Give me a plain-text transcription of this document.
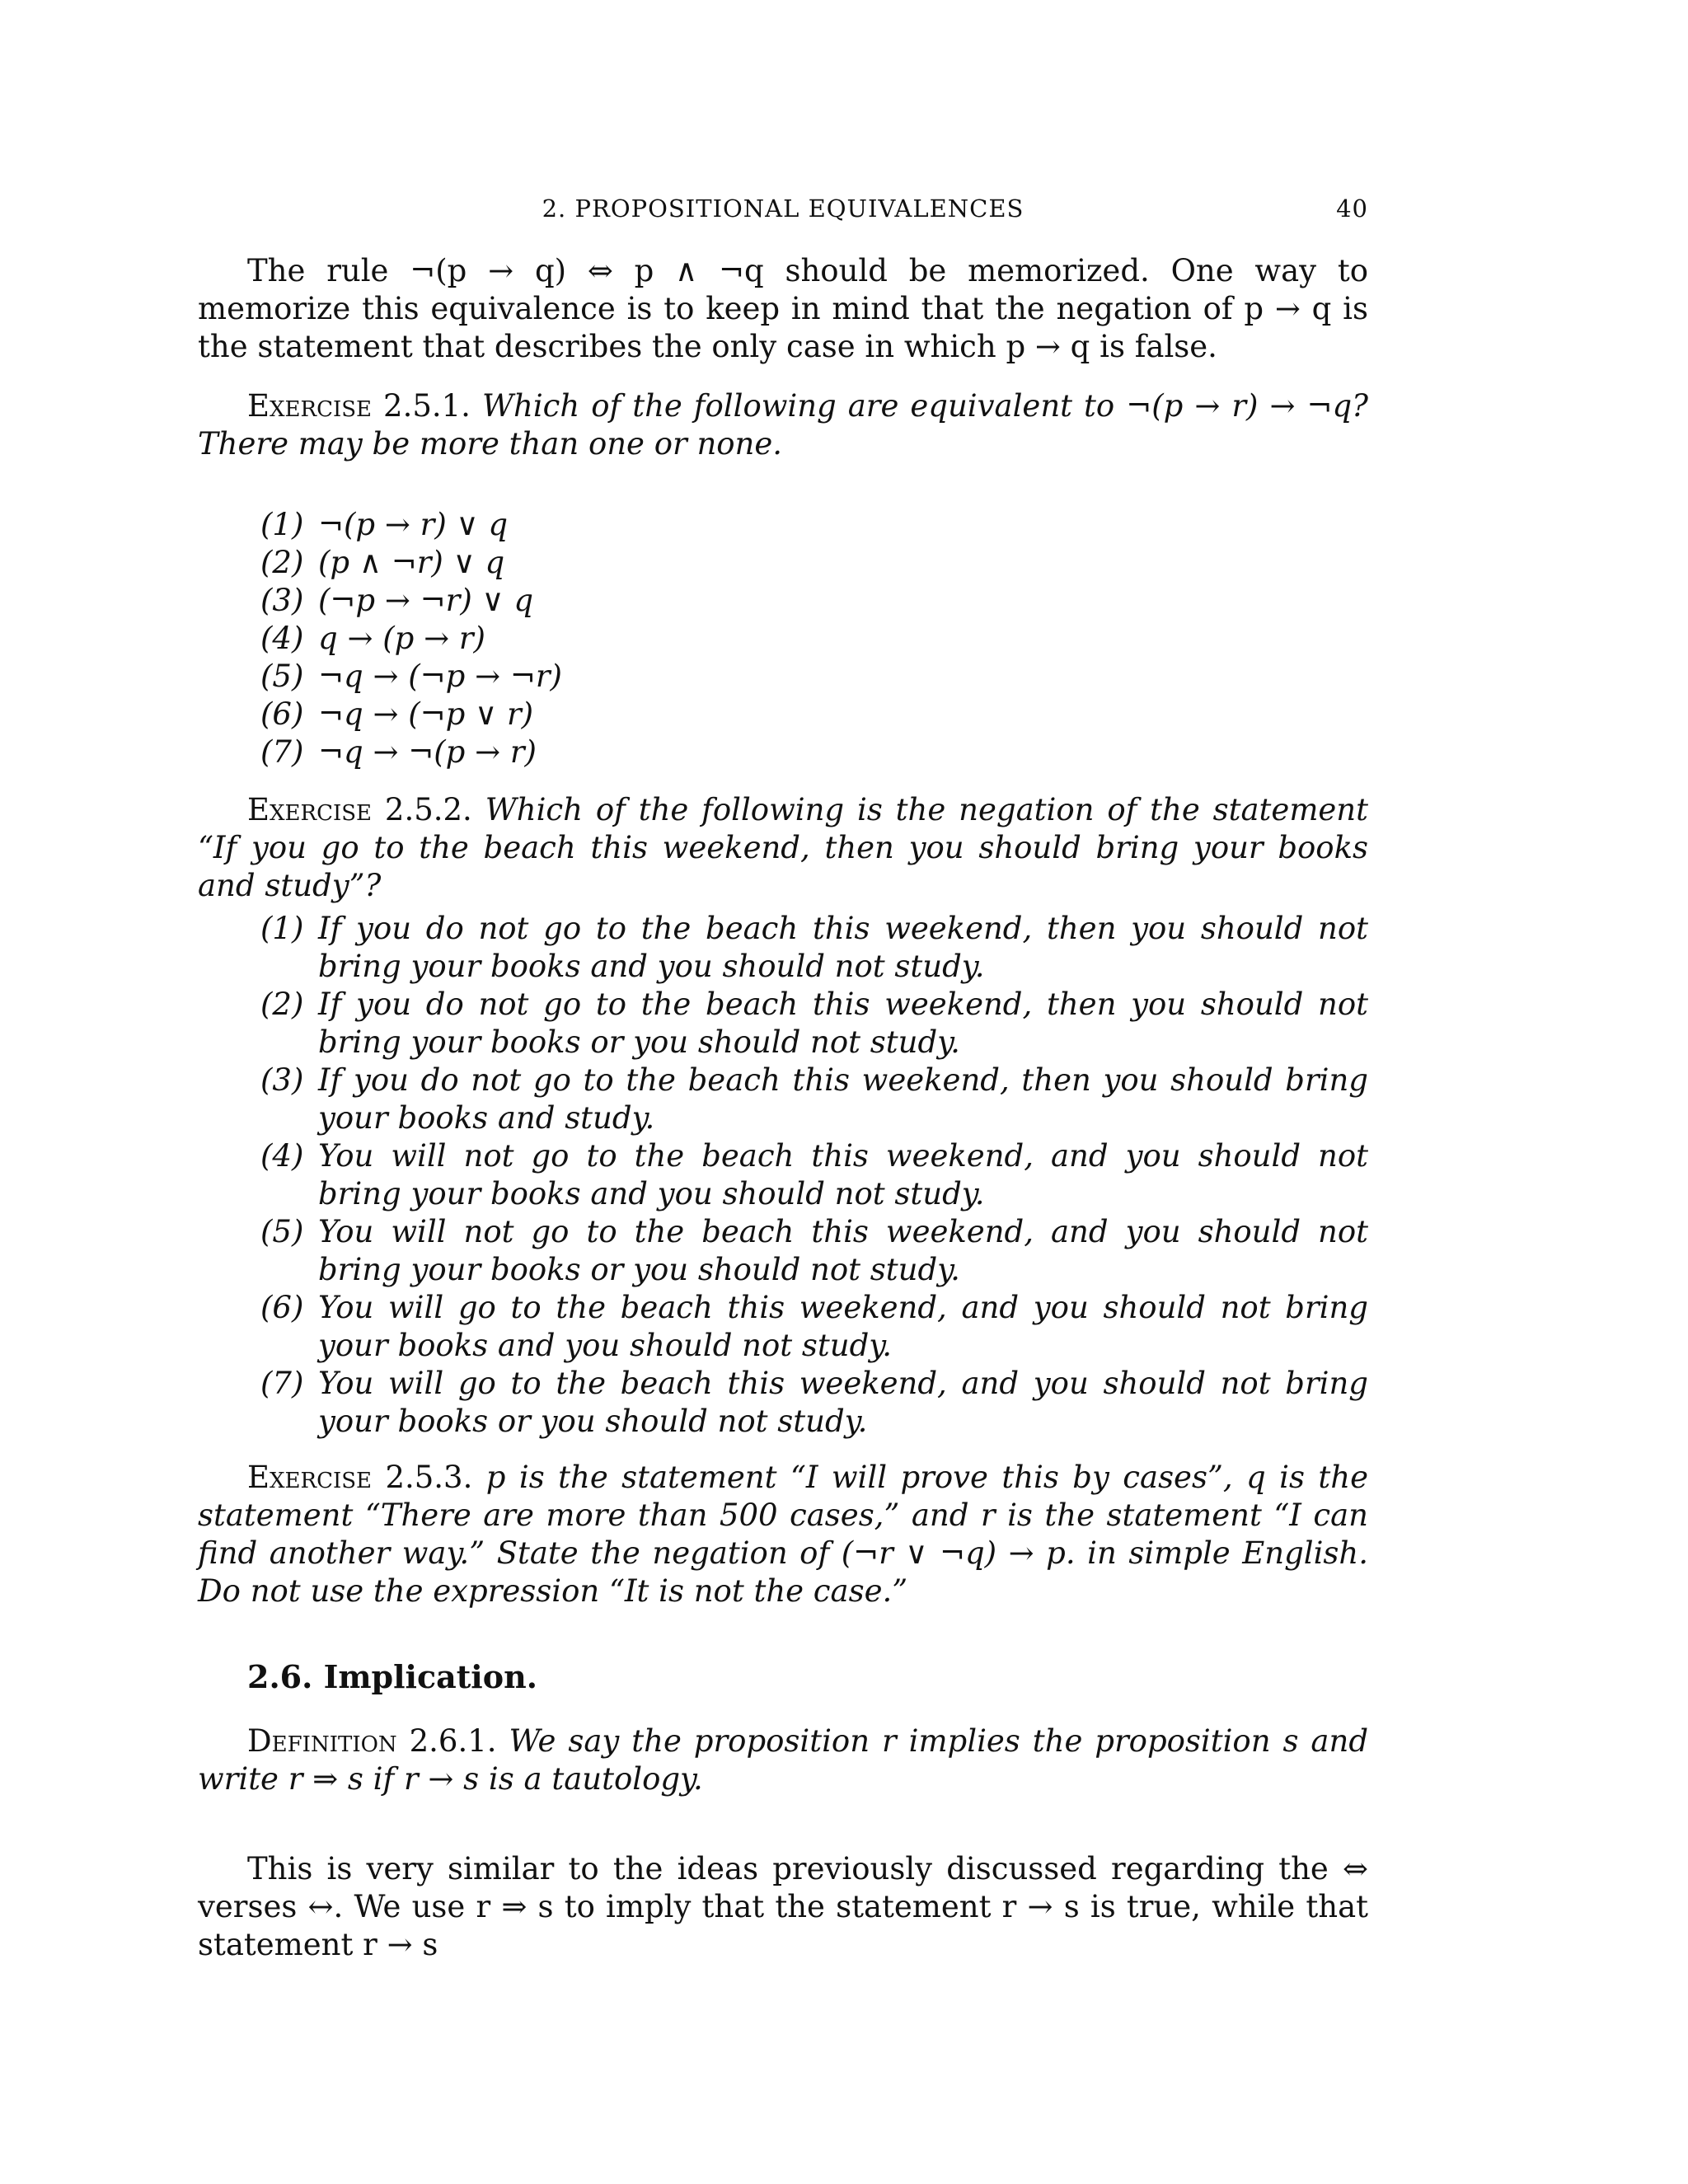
2. PROPOSITIONAL EQUIVALENCES	40

The rule ¬(p → q) ⇔ p ∧ ¬q should be memorized. One way to memorize this equivalence is to keep in mind that the negation of p → q is the statement that describes the only case in which p → q is false.

Exercise 2.5.1. Which of the following are equivalent to ¬(p → r) → ¬q? There may be more than one or none.

(1) ¬(p → r) ∨ q
(2) (p ∧ ¬r) ∨ q
(3) (¬p → ¬r) ∨ q
(4) q → (p → r)
(5) ¬q → (¬p → ¬r)
(6) ¬q → (¬p ∨ r)
(7) ¬q → ¬(p → r)

Exercise 2.5.2. Which of the following is the negation of the statement “If you go to the beach this weekend, then you should bring your books and study”?

(1) If you do not go to the beach this weekend, then you should not bring your books and you should not study.
(2) If you do not go to the beach this weekend, then you should not bring your books or you should not study.
(3) If you do not go to the beach this weekend, then you should bring your books and study.
(4) You will not go to the beach this weekend, and you should not bring your books and you should not study.
(5) You will not go to the beach this weekend, and you should not bring your books or you should not study.
(6) You will go to the beach this weekend, and you should not bring your books and you should not study.
(7) You will go to the beach this weekend, and you should not bring your books or you should not study.

Exercise 2.5.3. p is the statement “I will prove this by cases”, q is the statement “There are more than 500 cases,” and r is the statement “I can find another way.” State the negation of (¬r ∨ ¬q) → p. in simple English. Do not use the expression “It is not the case.”

2.6. Implication.

Definition 2.6.1. We say the proposition r implies the proposition s and write r ⇒ s if r → s is a tautology.

This is very similar to the ideas previously discussed regarding the ⇔ verses ↔. We use r ⇒ s to imply that the statement r → s is true, while that statement r → s
